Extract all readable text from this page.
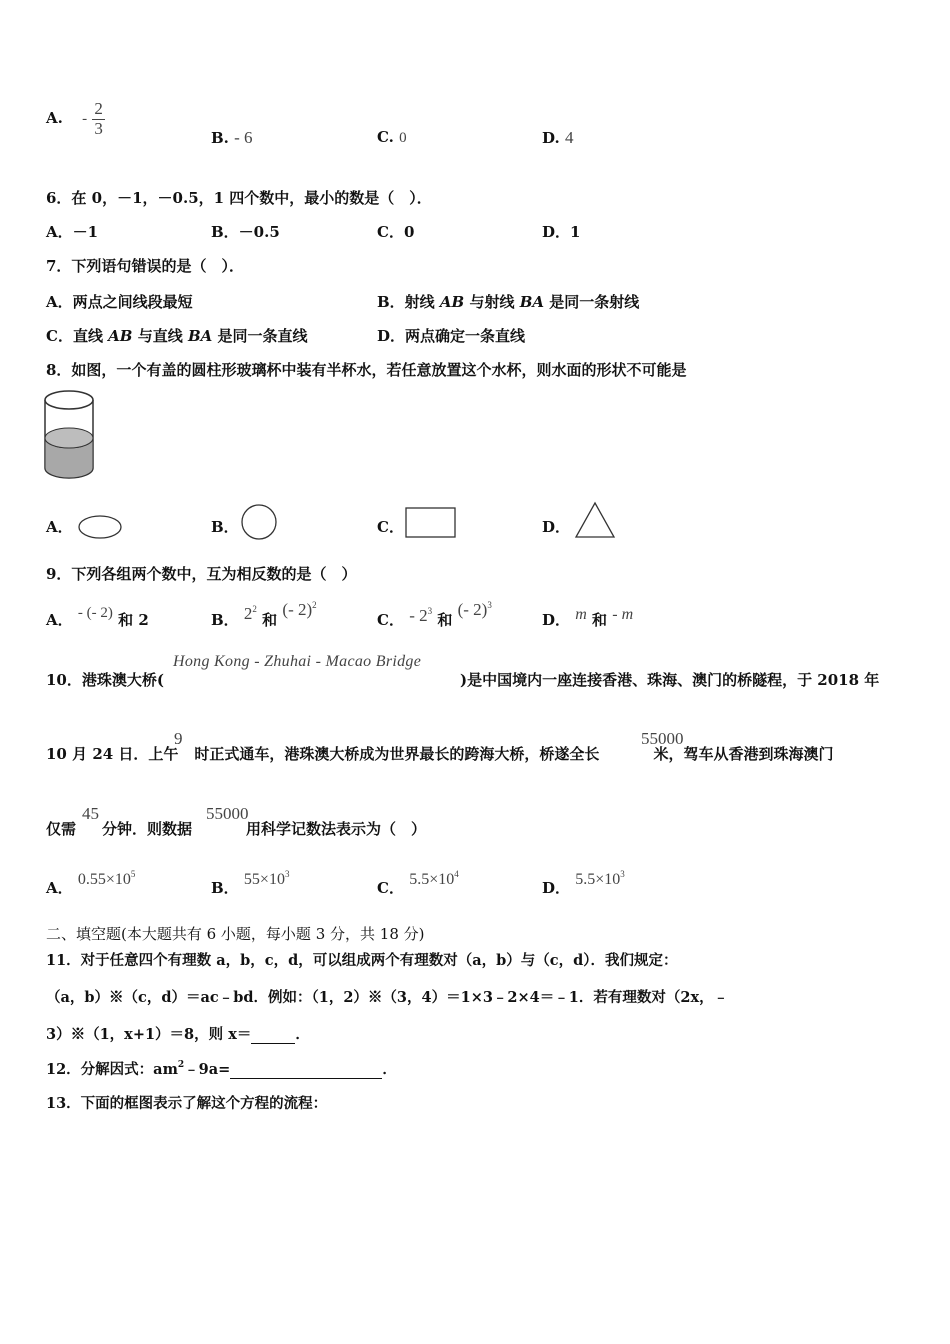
A. - $\frac{2}{3}$	B. - 6	C. 0	D. 4
6．在 0，－1，－0.5，1 四个数中，最小的数是（　）．
A．－1	B．－0.5	C．0	D．1
7．下列语句错误的是（　）．
A．两点之间线段最短	B．射线 AB 与射线 BA 是同一条射线
C．直线 AB 与直线 BA 是同一条直线	D．两点确定一条直线
8．如图，一个有盖的圆柱形玻璃杯中装有半杯水，若任意放置这个水杯，则水面的形状不可能是
A．	B．	C．	D．
9．下列各组两个数中，互为相反数的是（　）
A． - (- 2) 和 2	B． $2^2$ 和 (- 2)$^2$
C． - $2^3$ 和 (- 2)$^3$
D． m 和 - m
10．港珠澳大桥(	)是中国境内一座连接香港、珠海、澳门的桥隧程，于 2018 年
Hong Kong - Zhuhai - Macao Bridge
10 月 24 日．上午 时正式通车，港珠澳大桥成为世界最长的跨海大桥，桥遂全长	米，驾车从香港到珠海澳门
9	55000
仅需 分钟．则数据	用科学记数法表示为（　）
45	55000
A． $0.55\times 10^5$
B． $55\times 10^3$
C． $5.5\times 10^4$
D． $5.5\times 10^3$
二、填空题(本大题共有 6 小题，每小题 3 分，共 18 分)
11．对于任意四个有理数 a，b，c，d，可以组成两个有理数对（a，b）与（c，d）．我们规定：
（a，b）※（c，d）＝ac﹣bd．例如：（1，2）※（3，4）＝1×3﹣2×4＝﹣1．若有理数对（2x，﹣
3）※（1，x+1）＝8，则 x＝	．
12．分解因式：$am^2﹣9a=$	．
13．下面的框图表示了解这个方程的流程：
